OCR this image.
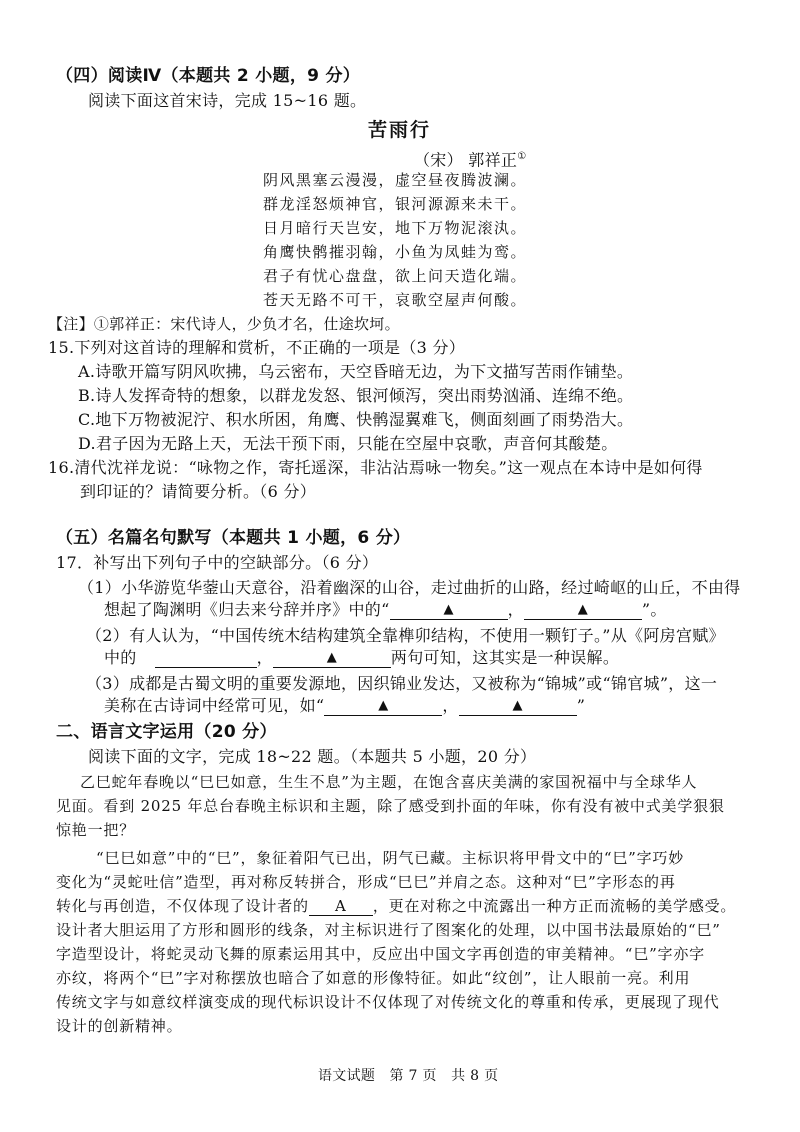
（四）阅读Ⅳ（本题共 2 小题，9 分）
阅读下面这首宋诗，完成 15~16 题。
苦雨行
（宋） 郭祥正①
阴风黑塞云漫漫，虚空昼夜腾波澜。
群龙淫怒烦神官，银河源源来未干。
日月暗行天岂安，地下万物泥滚汍。
角鹰快鹘摧羽翰，小鱼为凤蛙为鸾。
君子有忧心盘盘，欲上问天造化端。
苍天无路不可干，哀歌空屋声何酸。
【注】①郭祥正：宋代诗人，少负才名，仕途坎坷。
15.下列对这首诗的理解和赏析，不正确的一项是（3 分）
A.诗歌开篇写阴风吹拂，乌云密布，天空昏暗无边，为下文描写苦雨作铺垫。
B.诗人发挥奇特的想象，以群龙发怒、银河倾泻，突出雨势汹涌、连绵不绝。
C.地下万物被泥泞、积水所困，角鹰、快鹘湿翼难飞，侧面刻画了雨势浩大。
D.君子因为无路上天，无法干预下雨，只能在空屋中哀歌，声音何其酸楚。
16.清代沈祥龙说：“咏物之作，寄托遥深，非沾沾焉咏一物矣。”这一观点在本诗中是如何得
到印证的？请简要分析。（6 分）
（五）名篇名句默写（本题共 1 小题，6 分）
17．补写出下列句子中的空缺部分。（6 分）
（1）小华游览华蓥山天意谷，沿着幽深的山谷，走过曲折的山路，经过崎岖的山丘，不由得
想起了陶渊明《归去来兮辞并序》中的“	▲	，	▲	”。
（2）有人认为，“中国传统木结构建筑全靠榫卯结构，不使用一颗钉子。”从《阿房宫赋》
中的	，	▲	两句可知，这其实是一种误解。
（3）成都是古蜀文明的重要发源地，因织锦业发达，又被称为“锦城”或“锦官城”，这一
美称在古诗词中经常可见，如“	▲	，	▲	”
二、语言文字运用（20 分）
阅读下面的文字，完成 18~22 题。（本题共 5 小题，20 分）
乙巳蛇年春晚以“巳巳如意，生生不息”为主题，在饱含喜庆美满的家国祝福中与全球华人
见面。看到 2025 年总台春晚主标识和主题，除了感受到扑面的年味，你有没有被中式美学狠狠
惊艳一把？
“巳巳如意”中的“巳”，象征着阳气已出，阴气已藏。主标识将甲骨文中的“巳”字巧妙
变化为“灵蛇吐信”造型，再对称反转拼合，形成“巳巳”并肩之态。这种对“巳”字形态的再
转化与再创造，不仅体现了设计者的 A ，更在对称之中流露出一种方正而流畅的美学感受。
设计者大胆运用了方形和圆形的线条，对主标识进行了图案化的处理，以中国书法最原始的“巳”
字造型设计，将蛇灵动飞舞的原素运用其中，反应出中国文字再创造的审美精神。“巳”字亦字
亦纹，将两个“巳”字对称摆放也暗合了如意的形像特征。如此“纹创”，让人眼前一亮。利用
传统文字与如意纹样演变成的现代标识设计不仅体现了对传统文化的尊重和传承，更展现了现代
设计的创新精神。
语文试题　第 7 页　共 8 页
